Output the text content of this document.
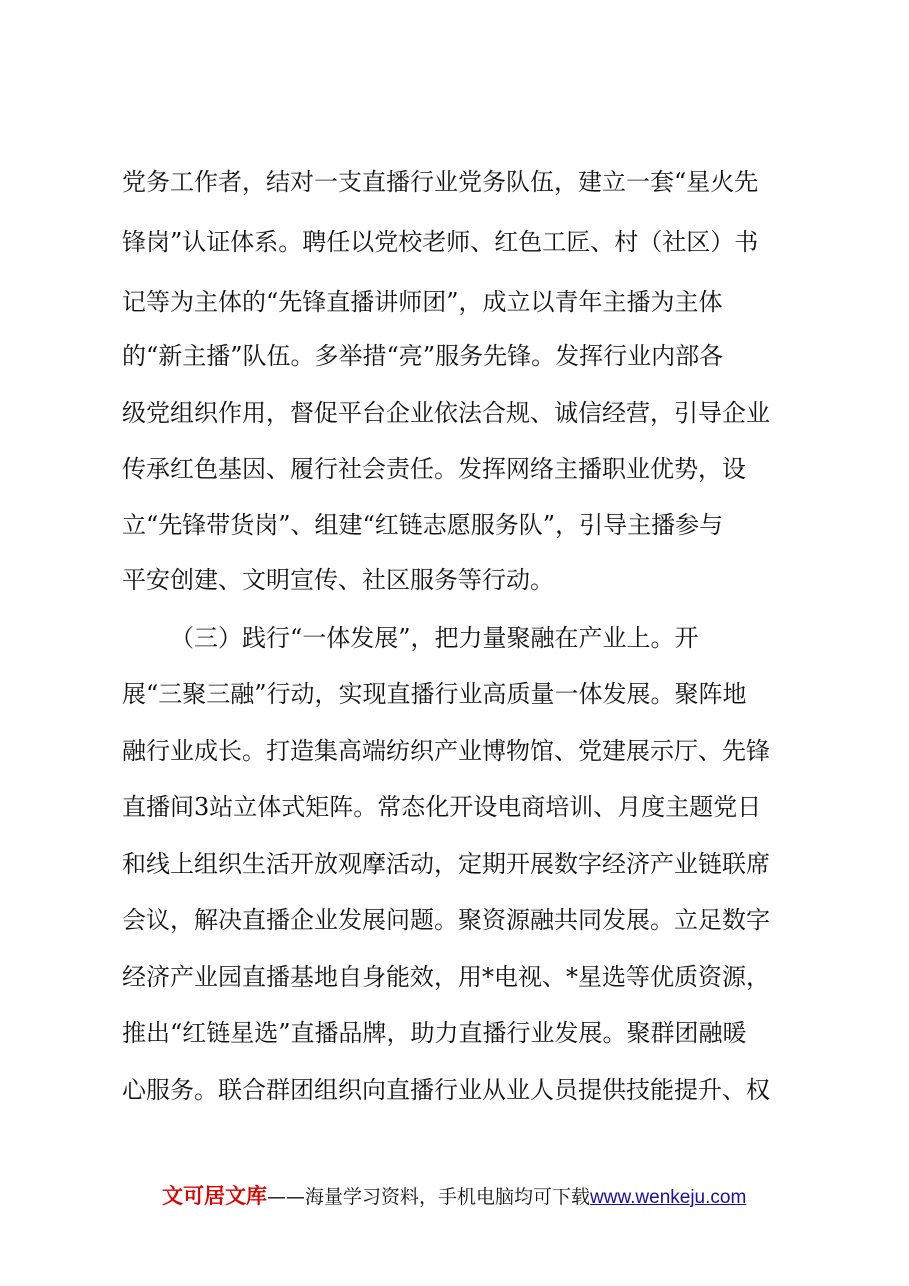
党务工作者，结对一支直播行业党务队伍，建立一套“星火先
锋岗”认证体系。聘任以党校老师、红色工匠、村（社区）书
记等为主体的“先锋直播讲师团”，成立以青年主播为主体
的“新主播”队伍。多举措“亮”服务先锋。发挥行业内部各
级党组织作用，督促平台企业依法合规、诚信经营，引导企业
传承红色基因、履行社会责任。发挥网络主播职业优势，设
立“先锋带货岗”、组建“红链志愿服务队”，引导主播参与
平安创建、文明宣传、社区服务等行动。
（三）践行“一体发展”，把力量聚融在产业上。开
展“三聚三融”行动，实现直播行业高质量一体发展。聚阵地
融行业成长。打造集高端纺织产业博物馆、党建展示厅、先锋
直播间3站立体式矩阵。常态化开设电商培训、月度主题党日
和线上组织生活开放观摩活动，定期开展数字经济产业链联席
会议，解决直播企业发展问题。聚资源融共同发展。立足数字
经济产业园直播基地自身能效，用*电视、*星选等优质资源，
推出“红链星选”直播品牌，助力直播行业发展。聚群团融暖
心服务。联合群团组织向直播行业从业人员提供技能提升、权
文可居文库——海量学习资料，手机电脑均可下载www.wenkeju.com
